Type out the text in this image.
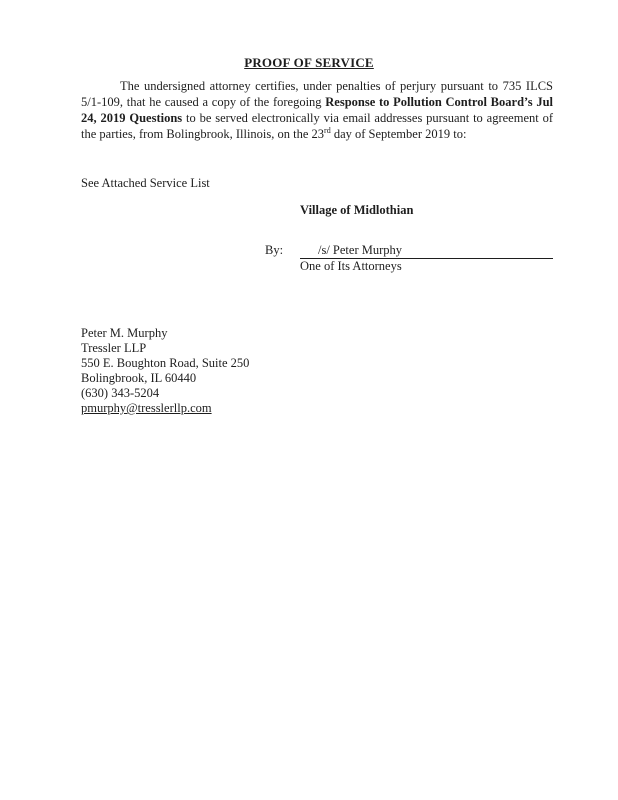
PROOF OF SERVICE
The undersigned attorney certifies, under penalties of perjury pursuant to 735 ILCS 5/1-109, that he caused a copy of the foregoing Response to Pollution Control Board’s Jul 24, 2019 Questions to be served electronically via email addresses pursuant to agreement of the parties, from Bolingbrook, Illinois, on the 23rd day of September 2019 to:
See Attached Service List
Village of Midlothian
By:	/s/ Peter Murphy
One of Its Attorneys
Peter M. Murphy
Tressler LLP
550 E. Boughton Road, Suite 250
Bolingbrook, IL 60440
(630) 343-5204
pmurphy@tresslerllp.com
